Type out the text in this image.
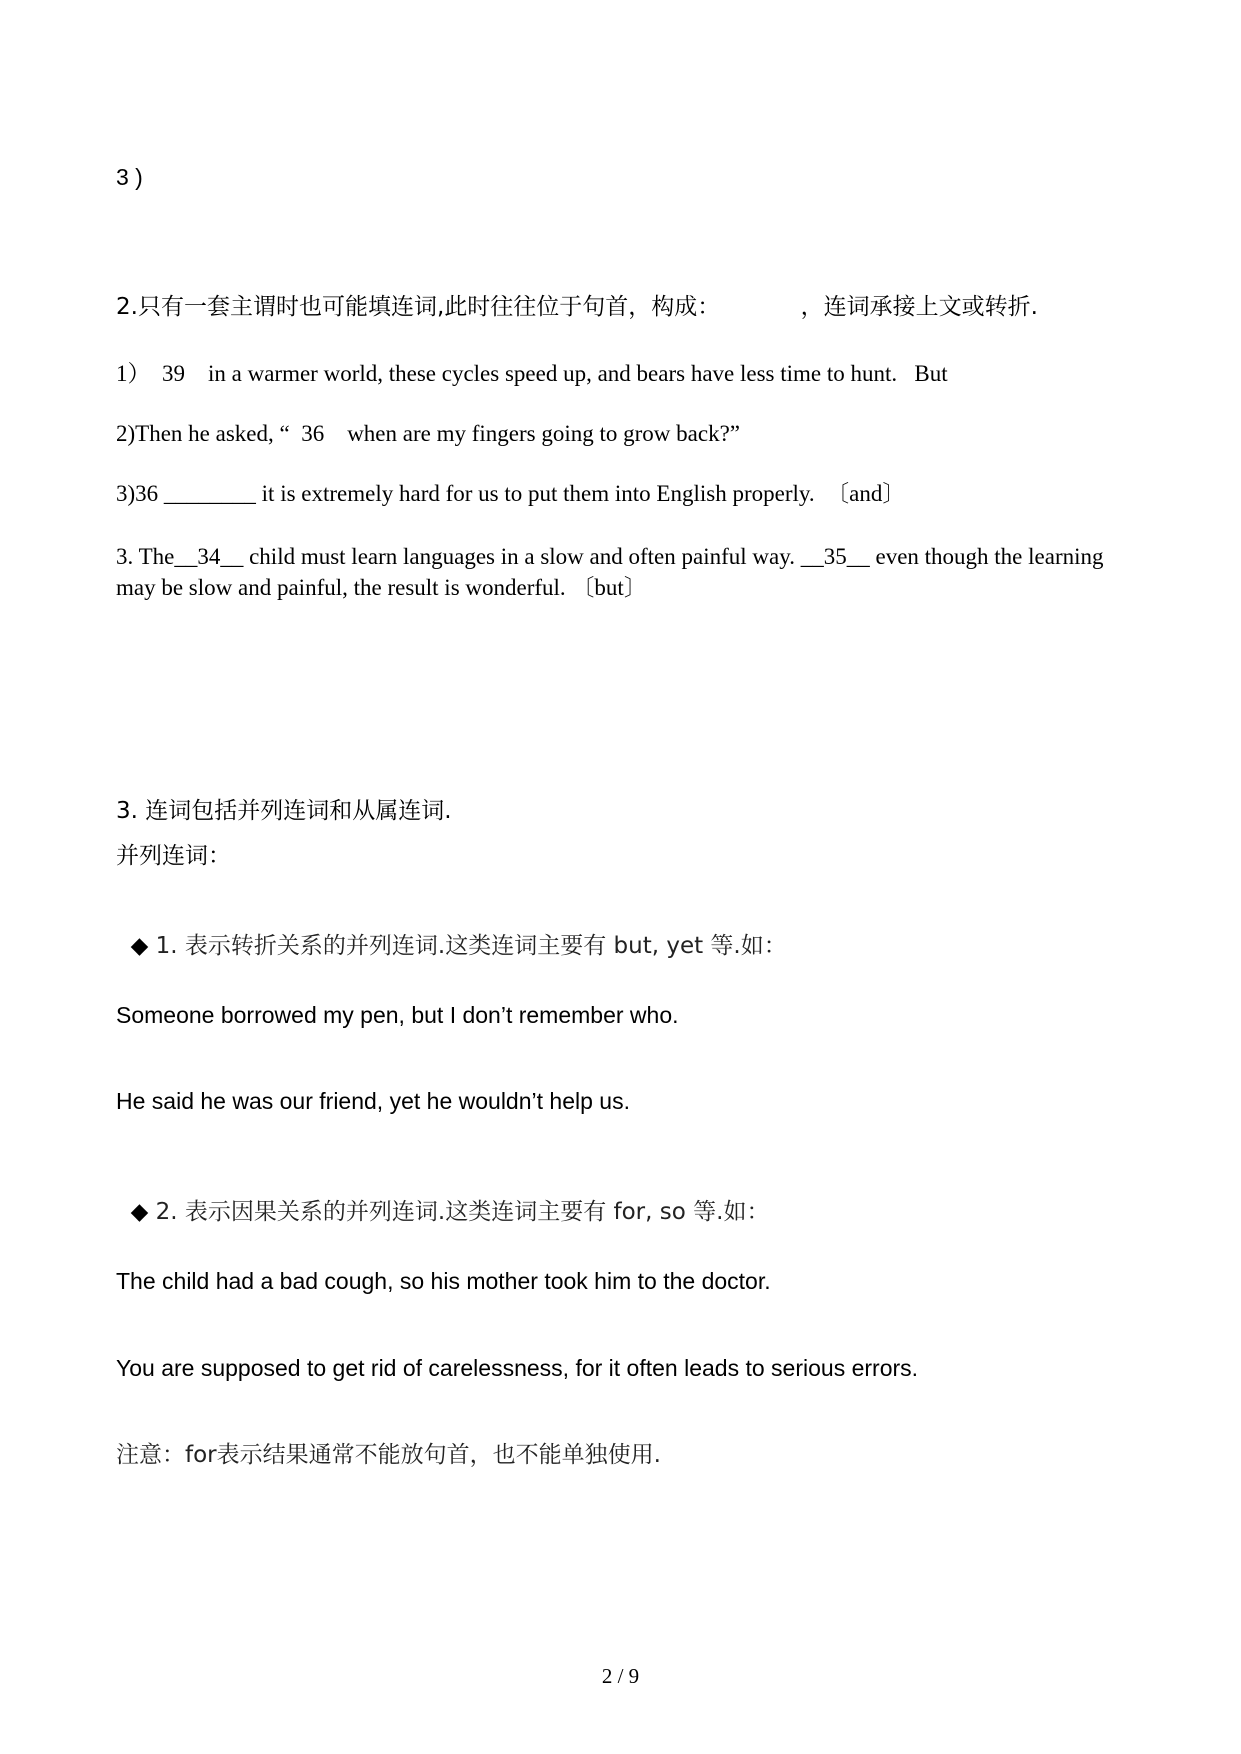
3 )
2.只有一套主谓时也可能填连词,此时往往位于句首，构成：           ，连词承接上文或转折.
1）  39    in a warmer world, these cycles speed up, and bears have less time to hunt.   But
2)Then he asked, “  36    when are my fingers going to grow back?”
3)36 ________ it is extremely hard for us to put them into English properly.  〔and〕
3. The__34__ child must learn languages in a slow and often painful way. __35__ even though the learning may be slow and painful, the result is wonderful. 〔but〕
3. 连词包括并列连词和从属连词.
并列连词：

◆ 1. 表示转折关系的并列连词.这类连词主要有 but, yet 等.如：

Someone borrowed my pen, but I don’t remember who.
He said he was our friend, yet he wouldn’t help us.

◆ 2. 表示因果关系的并列连词.这类连词主要有 for, so 等.如：

The child had a bad cough, so his mother took him to the doctor.
You are supposed to get rid of carelessness, for it often leads to serious errors.
注意：for表示结果通常不能放句首，也不能单独使用.
2 / 9
